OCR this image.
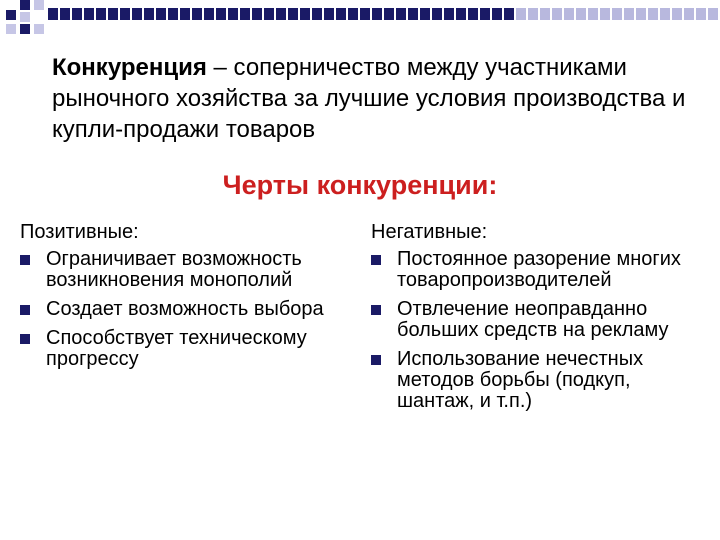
Конкуренция – соперничество между участниками рыночного хозяйства за лучшие условия производства и купли-продажи товаров
Черты конкуренции:
Позитивные:
Ограничивает возможность возникновения монополий
Создает возможность выбора
Способствует техническому прогрессу
Негативные:
Постоянное разорение многих товаропроизводителей
Отвлечение неоправданно больших средств на рекламу
Использование нечестных методов борьбы (подкуп, шантаж, и т.п.)
